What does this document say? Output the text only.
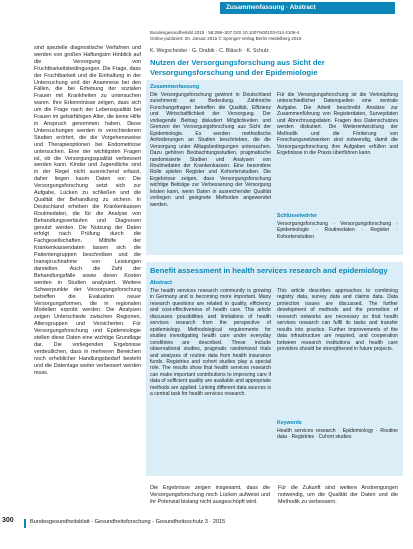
Zusammenfassung · Abstract

sind spezielle diagnostische Verfahren und werden von großen Haftungsim Hinblick auf die Versorgung von Fruchtbarkeitsbedingungen. Die Frage, dass der Fruchtbarkeit und die Einhaltung in der Untersuchung und der Anamnese bei den Fällen, die bei Erhebung der sozialen Frauen mit Krankheiten zu untersuchen waren. Ihre Erkenntnisse zeigen, dass sich um die Frage nach der Lebensqualität bei Frauen im gebärfähigen Alter, die keine Hilfe in Anspruch genommen haben. Diese Untersuchungen werden in verschiedenen Studien erörtert, die die Vorgehensweise und Therapieoptionen bei Endometriose untersuchen. Eine der wichtigsten Fragen ist, ob die Versorgungsqualität verbessert werden kann. Kinder und Jugendliche sind in der Regel nicht ausreichend erfasst, daher liegen kaum Daten vor. Die Versorgungsforschung setzt sich zur Aufgabe, Lücken zu schließen und die Qualität der Behandlung zu sichern. In Deutschland erheben die Krankenkassen Routinedaten, die für die Analyse von Behandlungsverläufen und Diagnosen genutzt werden. Die Nutzung der Daten erfolgt nach Prüfung durch die Fachgesellschaften. Mithilfe der Krankenkassendaten lassen sich die Patientengruppen beschreiben und die Inanspruchnahme von Leistungen darstellen. Auch die Zahl der Behandlungsfälle sowie deren Kosten werden in Studien analysiert. Weitere Schwerpunkte der Versorgungsforschung betreffen die Evaluation neuer Versorgungsformen, die in regionalen Modellen erprobt werden. Die Analysen zeigen Unterschiede zwischen Regionen, Altersgruppen und Versicherten. Für Versorgungsforschung und Epidemiologie stellen diese Daten eine wichtige Grundlage dar. Die vorliegenden Ergebnisse verdeutlichen, dass in mehreren Bereichen noch erheblicher Handlungsbedarf besteht und die Datenlage weiter verbessert werden muss.

Bundesgesundheitsbl 2015 · 58:298–307 DOI 10.1007/s00103-014-2106-4
Online publiziert: 20. Januar 2015 © Springer-Verlag Berlin Heidelberg 2015
K. Wegscheider · G. Drabik · C. Bläsch · K. Schulz
Nutzen der Versorgungsforschung aus Sicht der Versorgungsforschung und der Epidemiologie
Zusammenfassung

Die Versorgungsforschung gewinnt in Deutschland zunehmend an Bedeutung. Zahlreiche Forschungsfragen betreffen die Qualität, Effizienz und Wirtschaftlichkeit der Versorgung. Der vorliegende Beitrag diskutiert Möglichkeiten und Grenzen der Versorgungsforschung aus Sicht der Epidemiologie. Es werden methodische Anforderungen an Studien beschrieben, die die Versorgung unter Alltagsbedingungen untersuchen. Dazu gehören Beobachtungsstudien, pragmatische randomisierte Studien und Analysen von Routinedaten der Krankenkassen. Eine besondere Rolle spielen Register und Kohortenstudien. Die Ergebnisse zeigen, dass Versorgungsforschung wichtige Beiträge zur Verbesserung der Versorgung leisten kann, wenn Daten in ausreichender Qualität vorliegen und geeignete Methoden angewendet werden.

Für die Versorgungsforschung ist die Verknüpfung unterschiedlicher Datenquellen eine zentrale Aufgabe. Die Arbeit beschreibt Ansätze zur Zusammenführung von Registerdaten, Surveydaten und Abrechnungsdaten. Fragen des Datenschutzes werden diskutiert. Die Weiterentwicklung der Methodik und die Förderung von Forschungsnetzwerken sind notwendig, damit die Versorgungsforschung ihre Aufgaben erfüllen und Ergebnisse in die Praxis überführen kann.

Schlüsselwörter

Versorgungsforschung · Versorgungsforschung · Epidemiologie · Routinedaten · Register · Kohortenstudien

Benefit assessment in health services research and epidemiology
Abstract

The health services research community is growing in Germany and is becoming more important. Many research questions are related to quality, efficiency and cost-effectiveness of health care. This article discusses possibilities and limitations of health services research from the perspective of epidemiology. Methodological requirements for studies investigating health care under everyday conditions are described. These include observational studies, pragmatic randomized trials and analyses of routine data from health insurance funds. Registries and cohort studies play a special role. The results show that health services research can make important contributions to improving care if data of sufficient quality are available and appropriate methods are applied. Linking different data sources is a central task for health services research.

This article describes approaches to combining registry data, survey data and claims data. Data protection issues are discussed. The further development of methods and the promotion of research networks are necessary so that health services research can fulfil its tasks and transfer results into practice. Further improvements of the data infrastructure are required, and cooperation between research institutions and health care providers should be strengthened in future projects.

Keywords

Health services research · Epidemiology · Routine data · Registries · Cohort studies

Die Ergebnisse zeigen insgesamt, dass die Versorgungsforschung noch Lücken aufweist und ihr Potenzial bislang nicht ausgeschöpft wird.
Für die Zukunft sind weitere Anstrengungen notwendig, um die Qualität der Daten und die Methodik zu verbessern.
300	Bundesgesundheitsblatt - Gesundheitsforschung - Gesundheitsschutz 3 · 2015
